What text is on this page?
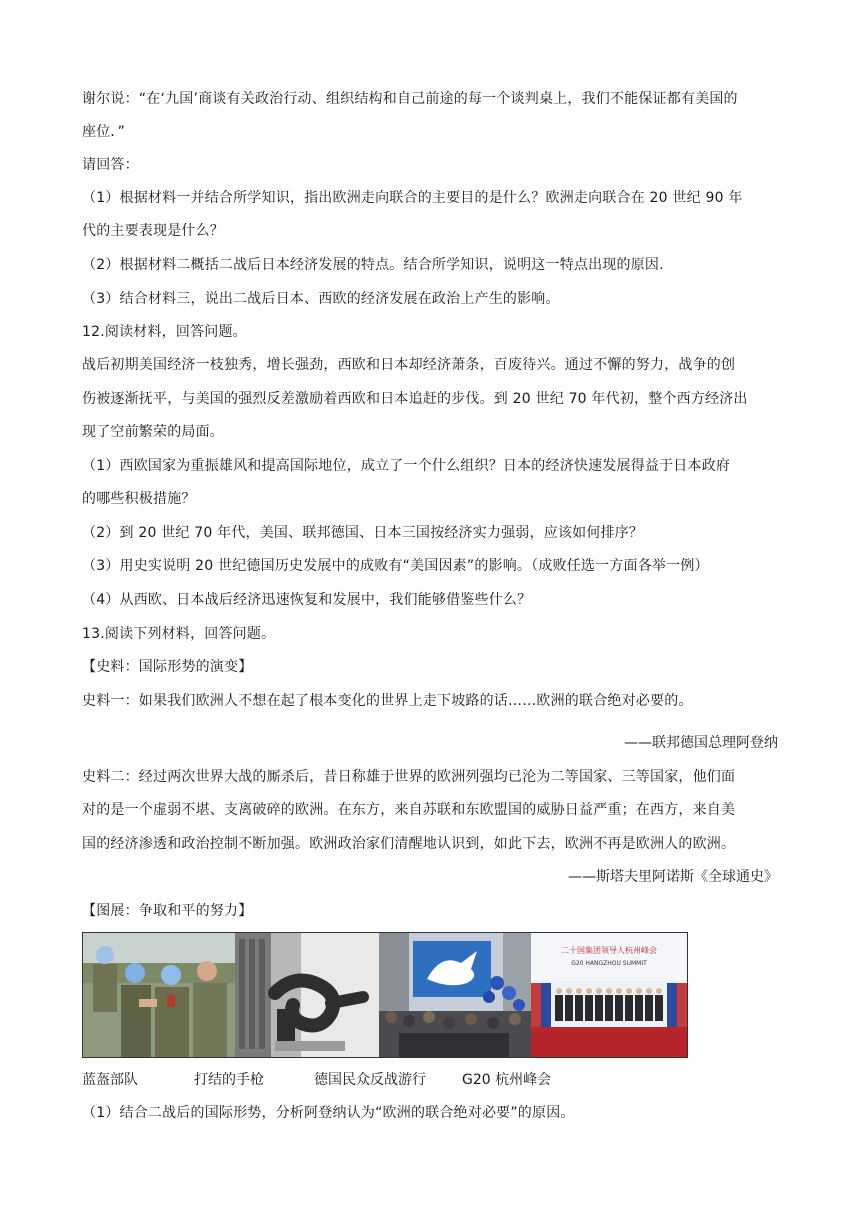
谢尔说：“在‘九国’商谈有关政治行动、组织结构和自己前途的每一个谈判桌上，我们不能保证都有美国的
座位．”
请回答：
（1）根据材料一并结合所学知识，指出欧洲走向联合的主要目的是什么？欧洲走向联合在 20 世纪 90 年
代的主要表现是什么？
（2）根据材料二概括二战后日本经济发展的特点。结合所学知识，说明这一特点出现的原因.
（3）结合材料三，说出二战后日本、西欧的经济发展在政治上产生的影响。
12.阅读材料，回答问题。
战后初期美国经济一枝独秀，增长强劲，西欧和日本却经济萧条，百废待兴。通过不懈的努力，战争的创
伤被逐渐抚平，与美国的强烈反差激励着西欧和日本追赶的步伐。到 20 世纪 70 年代初，整个西方经济出
现了空前繁荣的局面。
（1）西欧国家为重振雄风和提高国际地位，成立了一个什么组织？日本的经济快速发展得益于日本政府
的哪些积极措施？
（2）到 20 世纪 70 年代，美国、联邦德国、日本三国按经济实力强弱，应该如何排序？
（3）用史实说明 20 世纪德国历史发展中的成败有“美国因素”的影响。（成败任选一方面各举一例）
（4）从西欧、日本战后经济迅速恢复和发展中，我们能够借鉴些什么？
13.阅读下列材料，回答问题。
【史料：国际形势的演变】
史料一：如果我们欧洲人不想在起了根本变化的世界上走下坡路的话……欧洲的联合绝对必要的。
——联邦德国总理阿登纳
史料二：经过两次世界大战的厮杀后，昔日称雄于世界的欧洲列强均已沦为二等国家、三等国家，他们面
对的是一个虚弱不堪、支离破碎的欧洲。在东方，来自苏联和东欧盟国的威胁日益严重；在西方，来自美
国的经济渗透和政治控制不断加强。欧洲政治家们清醒地认识到，如此下去，欧洲不再是欧洲人的欧洲。
——斯塔夫里阿诺斯《全球通史》
【图展：争取和平的努力】
二十国集团领导人杭州峰会
G20 HANGZHOU SUMMIT
蓝盔部队	打结的手枪	德国民众反战游行	G20 杭州峰会
（1）结合二战后的国际形势，分析阿登纳认为“欧洲的联合绝对必要”的原因。
